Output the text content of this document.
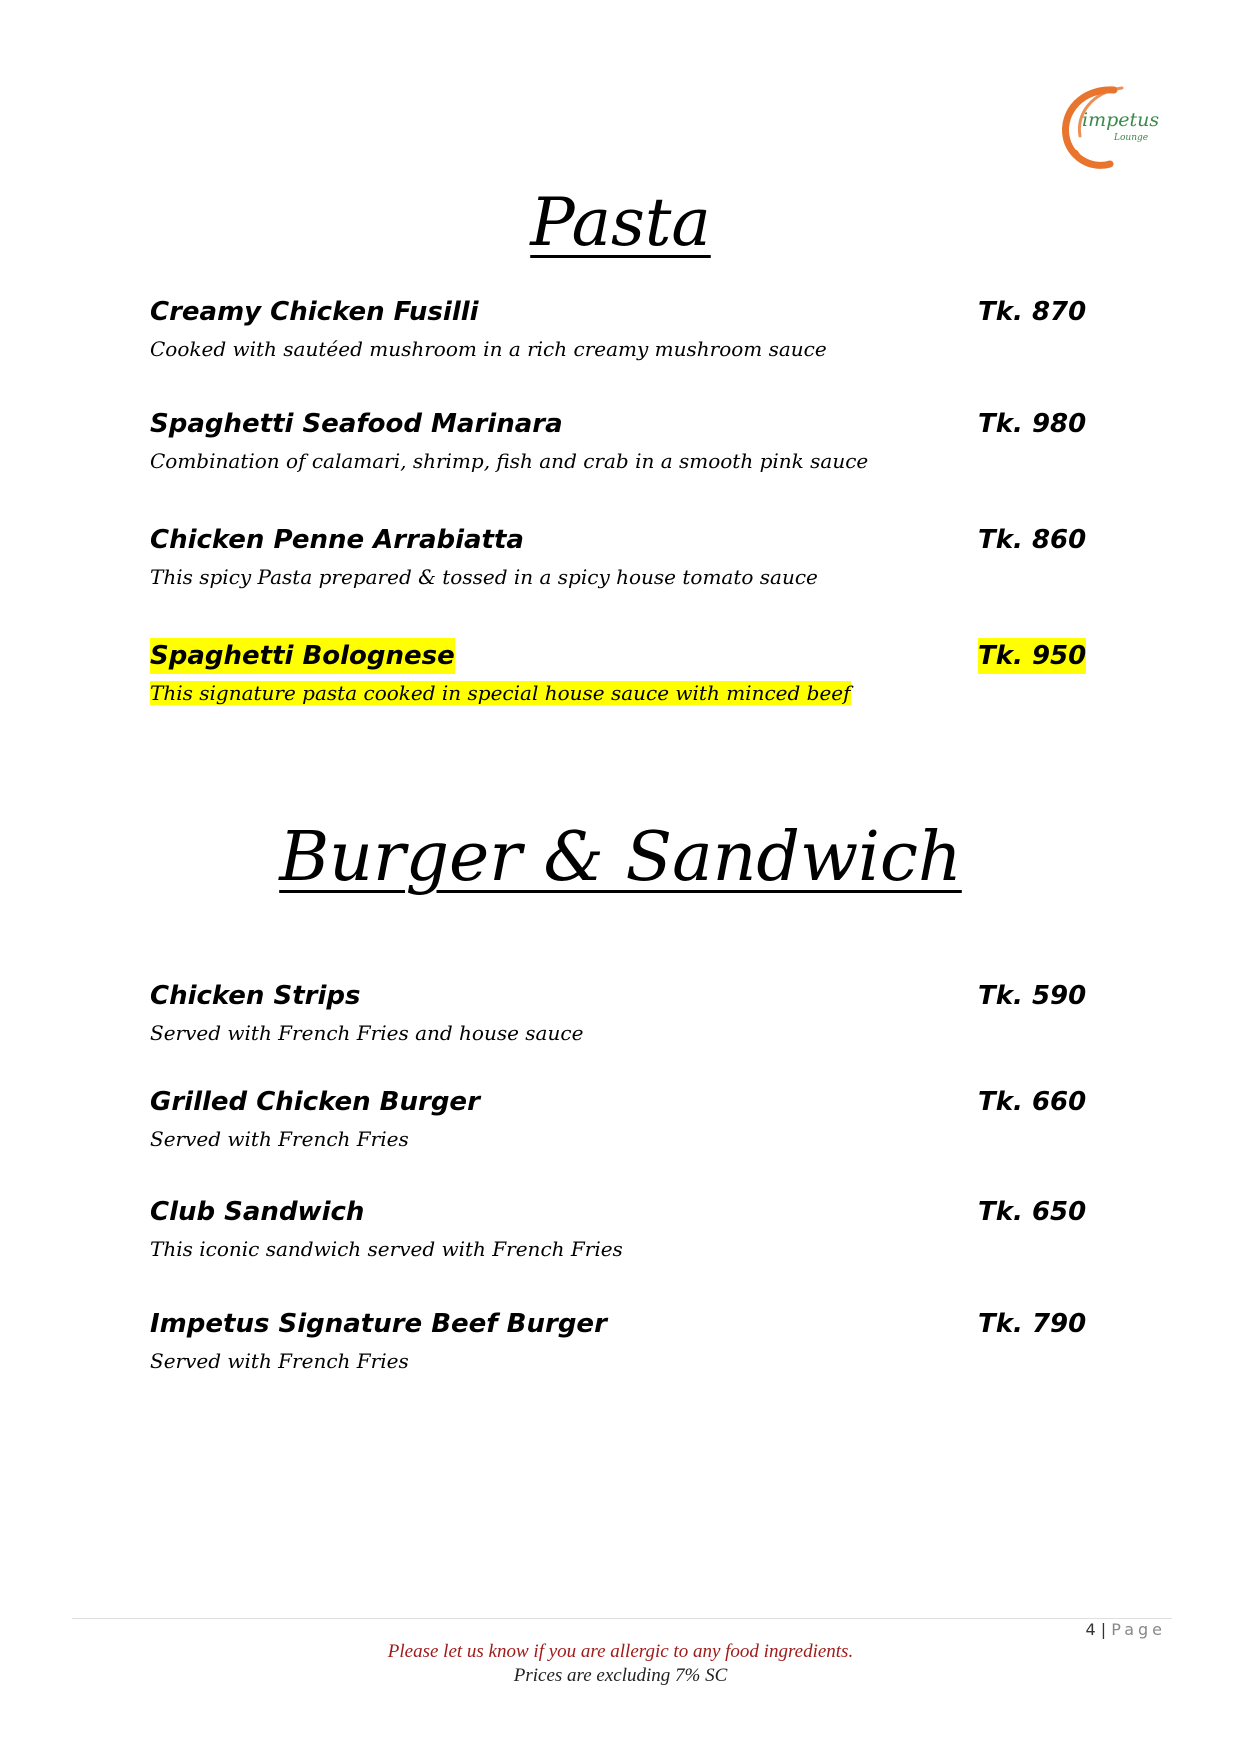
impetus
Lounge
Pasta
Creamy Chicken Fusilli	Tk. 870
Cooked with sautéed mushroom in a rich creamy mushroom sauce
Spaghetti Seafood Marinara	Tk. 980
Combination of calamari, shrimp, fish and crab in a smooth pink sauce
Chicken Penne Arrabiatta	Tk. 860
This spicy Pasta prepared & tossed in a spicy house tomato sauce
Spaghetti Bolognese	Tk. 950
This signature pasta cooked in special house sauce with minced beef
Burger & Sandwich
Chicken Strips	Tk. 590
Served with French Fries and house sauce
Grilled Chicken Burger	Tk. 660
Served with French Fries
Club Sandwich	Tk. 650
This iconic sandwich served with French Fries
Impetus Signature Beef Burger	Tk. 790
Served with French Fries
4 | Page
Please let us know if you are allergic to any food ingredients.
Prices are excluding 7% SC
